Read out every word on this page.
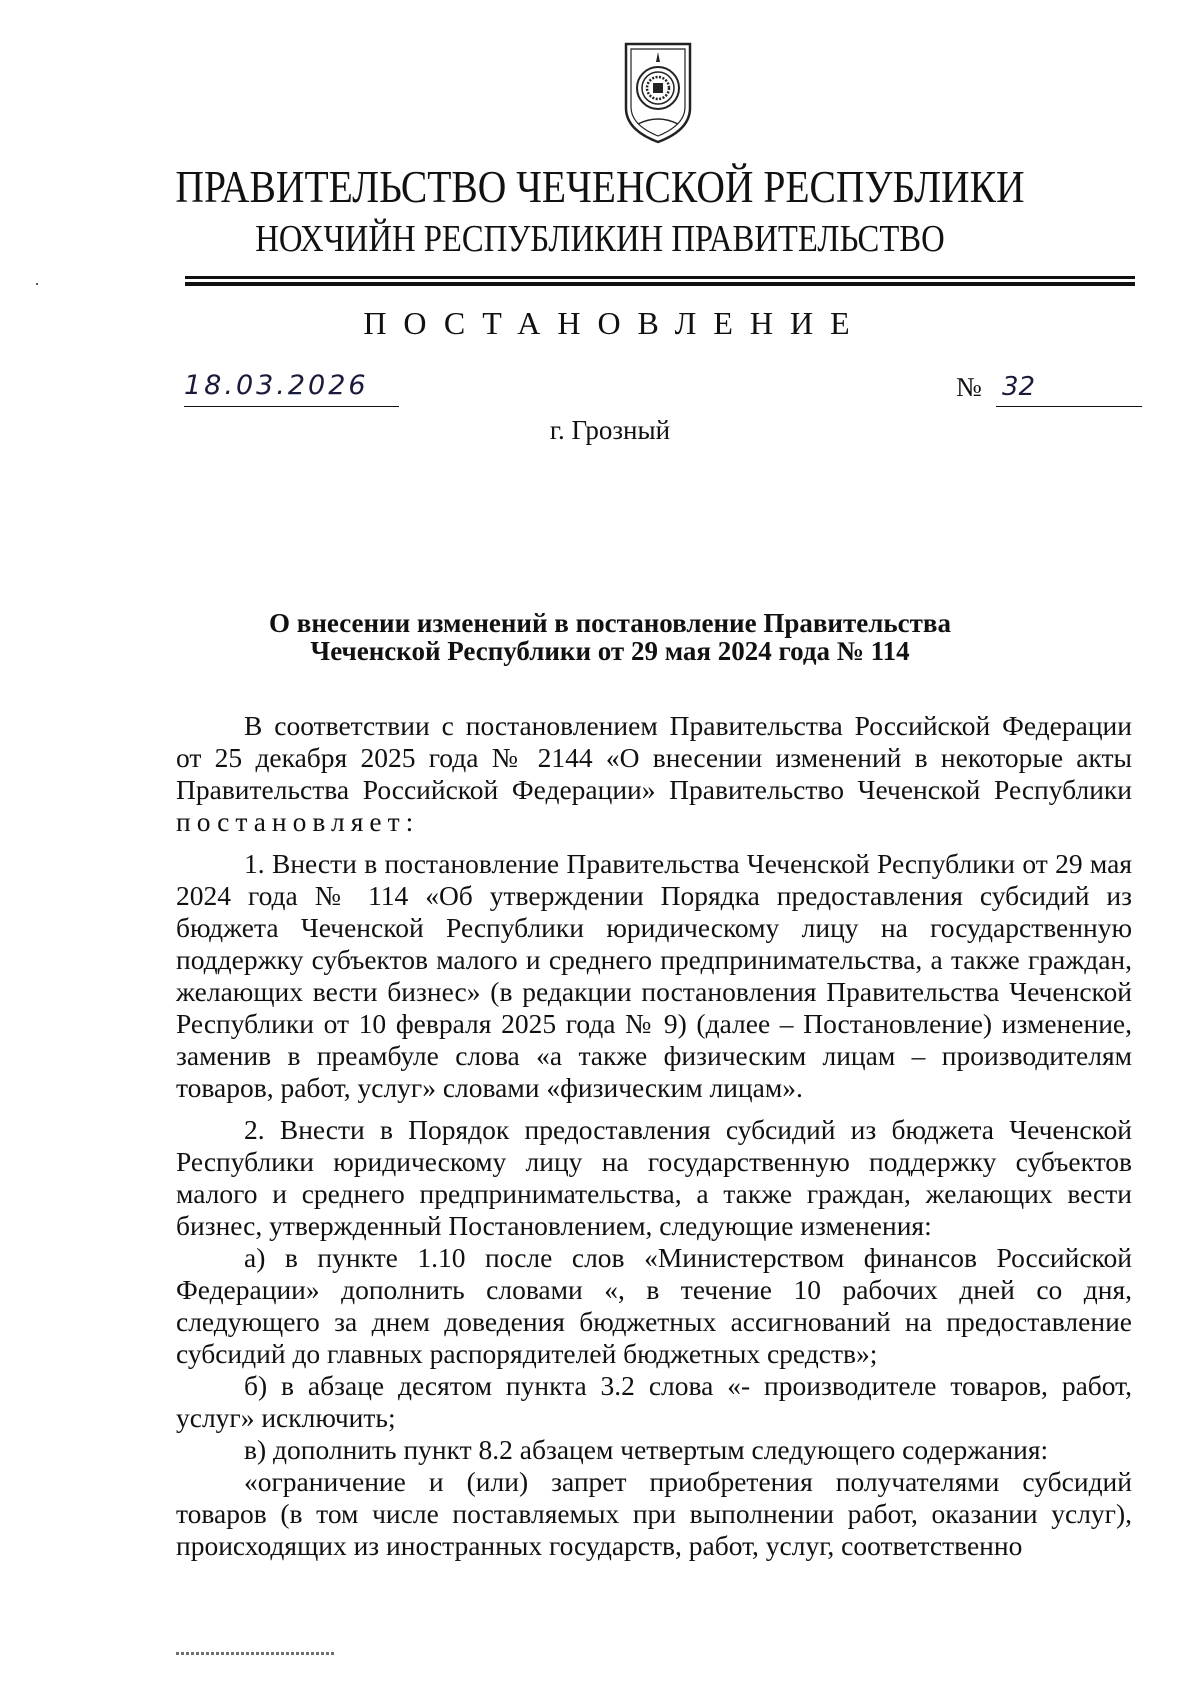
ПРАВИТЕЛЬСТВО ЧЕЧЕНСКОЙ РЕСПУБЛИКИ
НОХЧИЙН РЕСПУБЛИКИН ПРАВИТЕЛЬСТВО
ПОСТАНОВЛЕНИЕ
18.03.2026	№ 32
г. Грозный
О внесении изменений в постановление Правительства
Чеченской Республики от 29 мая 2024 года № 114

В соответствии с постановлением Правительства Российской Федерации от 25 декабря 2025 года № 2144 «О внесении изменений в некоторые акты Правительства Российской Федерации» Правительство Чеченской Республики постановляет:

1. Внести в постановление Правительства Чеченской Республики от 29 мая 2024 года № 114 «Об утверждении Порядка предоставления субсидий из бюджета Чеченской Республики юридическому лицу на государственную поддержку субъектов малого и среднего предпринимательства, а также граждан, желающих вести бизнес» (в редакции постановления Правительства Чеченской Республики от 10 февраля 2025 года № 9) (далее – Постановление) изменение, заменив в преамбуле слова «а также физическим лицам – производителям товаров, работ, услуг» словами «физическим лицам».

2. Внести в Порядок предоставления субсидий из бюджета Чеченской Республики юридическому лицу на государственную поддержку субъектов малого и среднего предпринимательства, а также граждан, желающих вести бизнес, утвержденный Постановлением, следующие изменения:

а) в пункте 1.10 после слов «Министерством финансов Российской Федерации» дополнить словами «, в течение 10 рабочих дней со дня, следующего за днем доведения бюджетных ассигнований на предоставление субсидий до главных распорядителей бюджетных средств»;

б) в абзаце десятом пункта 3.2 слова «- производителе товаров, работ, услуг» исключить;

в) дополнить пункт 8.2 абзацем четвертым следующего содержания:

«ограничение и (или) запрет приобретения получателями субсидий товаров (в том числе поставляемых при выполнении работ, оказании услуг), происходящих из иностранных государств, работ, услуг, соответственно
